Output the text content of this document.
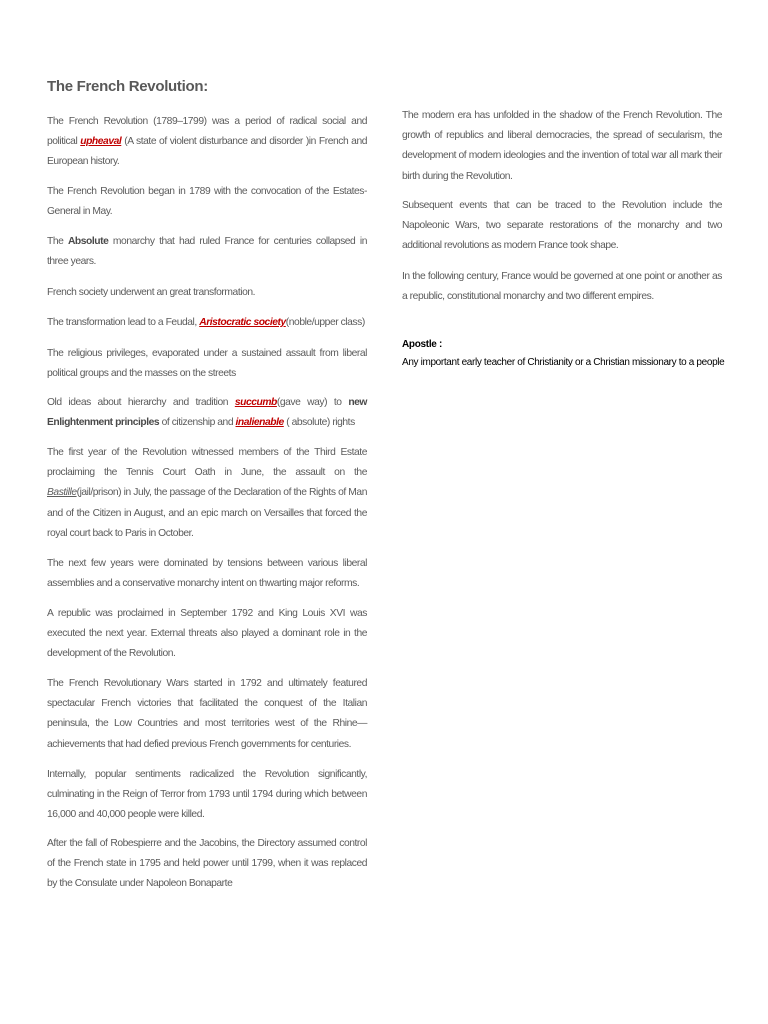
The French Revolution:

The French Revolution (1789–1799) was a period of radical social and political upheaval (A state of violent disturbance and disorder )in French and European history.

The French Revolution began in 1789 with the convocation of the Estates-General in May.

The Absolute monarchy that had ruled France for centuries collapsed in three years.

French society underwent an great transformation.

The transformation lead to a Feudal, Aristocratic society(noble/upper class)

The religious privileges, evaporated under a sustained assault from liberal political groups and the masses on the streets

Old ideas about hierarchy and tradition succumb(gave way) to new Enlightenment principles of citizenship and inalienable ( absolute) rights

The first year of the Revolution witnessed members of the Third Estate proclaiming the Tennis Court Oath in June, the assault on the Bastille(jail/prison) in July, the passage of the Declaration of the Rights of Man and of the Citizen in August, and an epic march on Versailles that forced the royal court back to Paris in October.

The next few years were dominated by tensions between various liberal assemblies and a conservative monarchy intent on thwarting major reforms.

A republic was proclaimed in September 1792 and King Louis XVI was executed the next year. External threats also played a dominant role in the development of the Revolution.

The French Revolutionary Wars started in 1792 and ultimately featured spectacular French victories that facilitated the conquest of the Italian peninsula, the Low Countries and most territories west of the Rhine—achievements that had defied previous French governments for centuries.

Internally, popular sentiments radicalized the Revolution significantly, culminating in the Reign of Terror from 1793 until 1794 during which between 16,000 and 40,000 people were killed.

After the fall of Robespierre and the Jacobins, the Directory assumed control of the French state in 1795 and held power until 1799, when it was replaced by the Consulate under Napoleon Bonaparte

The modern era has unfolded in the shadow of the French Revolution. The growth of republics and liberal democracies, the spread of secularism, the development of modern ideologies and the invention of total war all mark their birth during the Revolution.

Subsequent events that can be traced to the Revolution include the Napoleonic Wars, two separate restorations of the monarchy and two additional revolutions as modern France took shape.

In the following century, France would be governed at one point or another as a republic, constitutional monarchy and two different empires.

Apostle :
Any important early teacher of Christianity or a Christian missionary to a people
